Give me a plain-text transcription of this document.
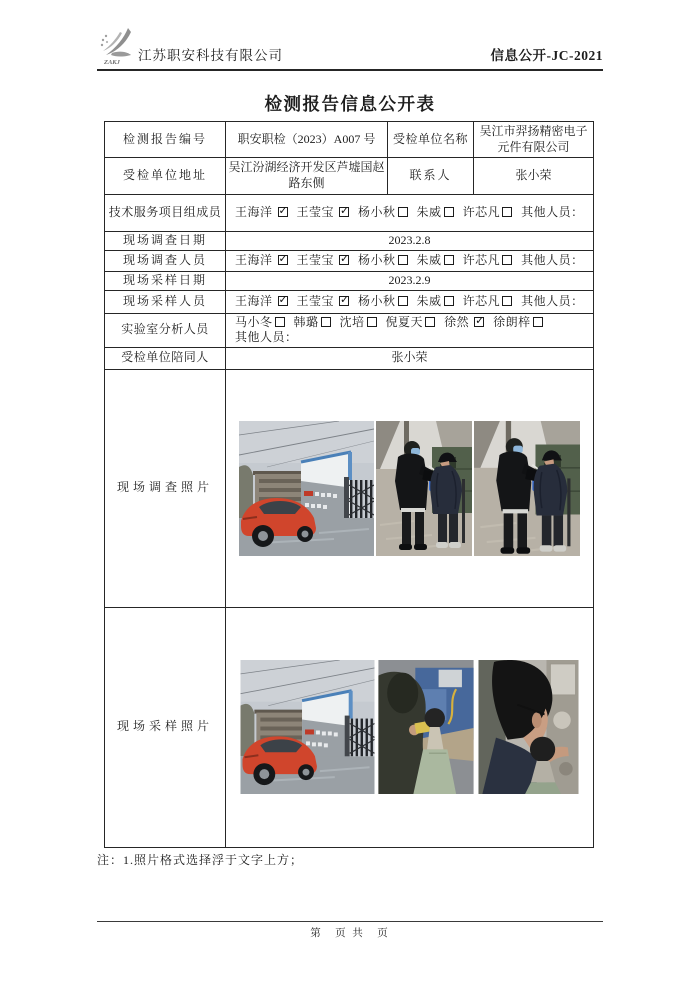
ZAKJ 江苏职安科技有限公司	信息公开-JC-2021
检测报告信息公开表
检测报告编号	职安职检（2023）A007 号	受检单位名称	吴江市羿扬精密电子元件有限公司
受检单位地址	吴江汾湖经济开发区芦墟国赵路东侧	联系人	张小荣
技术服务项目组成员	王海洋 ✓ 王莹宝 ✓ 杨小秋 朱威 许芯凡 其他人员：
现场调查日期	2023.2.8		
现场调查人员	王海洋 ✓ 王莹宝 ✓ 杨小秋 朱威 许芯凡 其他人员：
现场采样日期	2023.2.9		
现场采样人员	王海洋 ✓ 王莹宝 ✓ 杨小秋 朱威 许芯凡 其他人员：
实验室分析人员	马小冬 韩璐 沈培 倪夏天 徐然✓ 徐朗梓
其他人员：

受检单位陪同人	张小荣		
现场调查照片	

现场采样照片	
注：1.照片格式选择浮于文字上方；
第　页 共　页
